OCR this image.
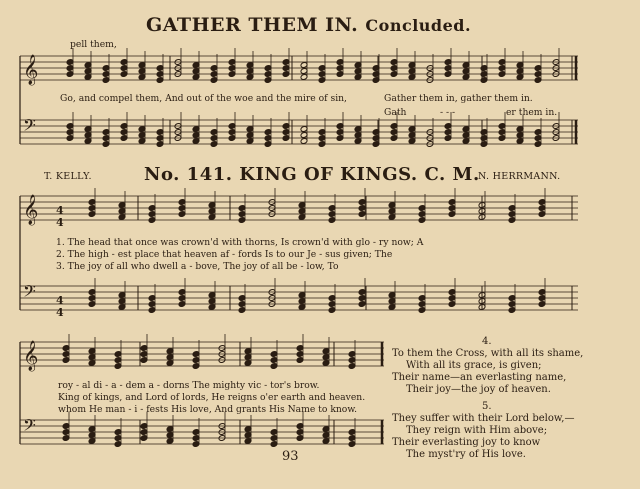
𝄞
𝄢
𝄞
𝄢
4
4
4
4
𝄞
𝄢
GATHER THEM IN. Concluded.
pell them,
Go, and compel them, And out of the woe and the mire of sin,	Gather them in, gather them in.
Gath	- - -	er them in.
T. KELLY.	No. 141. KING OF KINGS. C. M.
N. HERRMANN.
1. The head that once was crown'd with thorns, Is crown'd with glo - ry now; A
2. The high - est place that heaven af - fords Is to our Je - sus given; The
3. The joy of all who dwell a - bove, The joy of all be - low, To
roy - al di - a - dem a - dorns The mighty vic - tor's brow.
King of kings, and Lord of lords, He reigns o'er earth and heaven.
whom He man - i - fests His love, And grants His Name to know.
4.
To them the Cross, with all its shame,
With all its grace, is given;
Their name—an everlasting name,
Their joy—the joy of heaven.
5.
They suffer with their Lord below,—
They reign with Him above;
Their everlasting joy to know
The myst'ry of His love.
93
